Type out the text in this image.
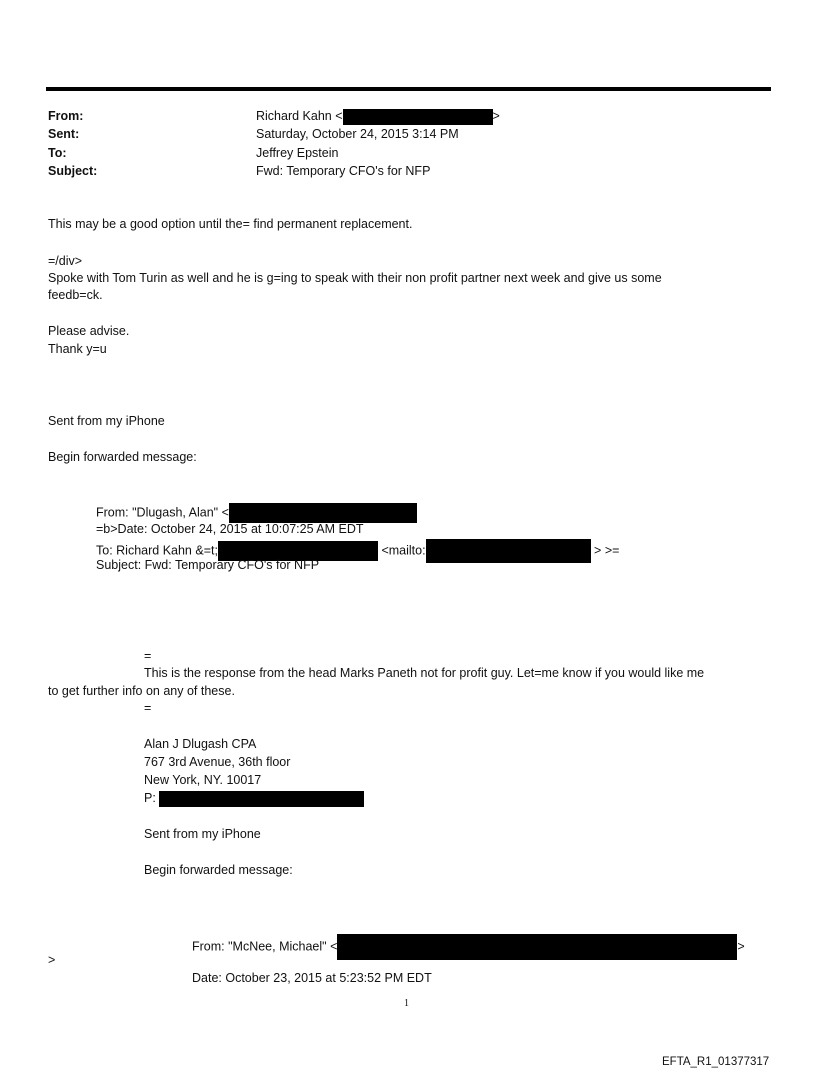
From:	Richard Kahn <	>
Sent:	Saturday, October 24, 2015 3:14 PM
To:	Jeffrey Epstein
Subject:	Fwd: Temporary CFO's for NFP
This may be a good option until the= find permanent replacement.
=/div>
Spoke with Tom Turin as well and he is g=ing to speak with their non profit partner next week and give us some
feedb=ck.
Please advise.
Thank y=u
Sent from my iPhone
Begin forwarded message:
From: "Dlugash, Alan" <
=b>Date: October 24, 2015 at 10:07:25 AM EDT
To: Richard Kahn &=t;	<mailto:	> >=
Subject: Fwd: Temporary CFO's for NFP
=
This is the response from the head Marks Paneth not for profit guy. Let=me know if you would like me
to get further info on any of these.
=
Alan J Dlugash CPA
767 3rd Avenue, 36th floor
New York, NY. 10017
P:
Sent from my iPhone
Begin forwarded message:
From: "McNee, Michael" <	>
>
Date: October 23, 2015 at 5:23:52 PM EDT
1
EFTA_R1_01377317
